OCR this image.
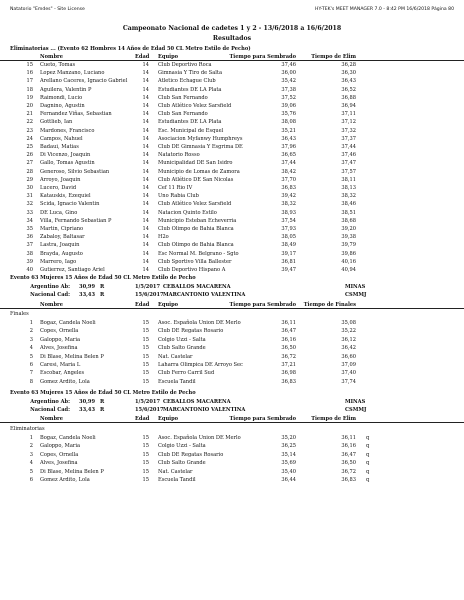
Natatorio "Emdes" - Site License	HY-TEK's MEET MANAGER 7.0 - 8:42 PM 16/6/2018 Página 80
Campeonato Nacional de cadetes 1 y 2 - 13/6/2018 a 16/6/2018
Resultados
Eliminatorias ... (Evento 62 Hombres 14 Años de Edad 50 CL Metro Estilo de Pecho)
Nombre	Edad Equipo	Tiempo para Sembrado	Tiempo de Elim
15 Cueto, Tomas	14 Club Deportivo Roca	37,46	36,28
16 Lopez Manzano, Luciano	14 Gimnasia Y Tiro de Salta	36,00	36,30
17 Arellano Caceres, Ignacio Gabriel	14 Atletico Echague Club	35,42	36,43
18 Aguilera, Valentin P	14 Estudiantes DE LA Plata	37,38	36,52
19 Raimondi, Lucio	14 Club San Fernando	37,52	36,88
20 Dagnino, Agustin	14 Club Atlético Velez Sarsfield	39,06	36,94
21 Fernandez Viñas, Sebastian	14 Club San Fernando	35,76	37,11
22 Gottlieb, Ian	14 Estudiantes DE LA Plata	38,08	37,12
23 Mardones, Francisco	14 Esc. Municipal de Esquel	35,21	37,32
24 Campos, Nahuel	14 Asociacion Myfanwy Humphreys	36,43	37,37
25 Badaui, Matias	14 Club DE Gimnasia Y Esgrima DE	37,96	37,44
26 Di Vicenzo, Joaquin	14 Natatorio Rosso	36,65	37,46
27 Gallo, Tomas Agustin	14 Municipalidad DE San Isidro	37,44	37,47
28 Generoso, Silvio Sebastian	14 Municipio de Lomas de Zamora	38,42	37,57
29 Arroyo, Joaquin	14 Club Atlético DE San Nicolas	37,70	38,11
30 Lucero, David	14 Cef 11 Rio IV	36,83	38,13
31 Katauskis, Ezequiel	14 Uno Rabia Club	39,42	38,32
32 Scida, Ignacio Valentin	14 Club Atlético Velez Sarsfield	38,32	38,46
33 DE Luca, Gino	14 Natacion Quinto Estilo	38,93	38,51
34 Villa, Fernando Sebastian P	14 Municipio Esteban Echeverria	37,54	38,68
35 Martin, Cipriano	14 Club Olimpo de Bahia Blanca	37,93	39,20
36 Zabaloy, Baltasar	14 H2o	38,05	39,38
37 Lastra, Joaquin	14 Club Olimpo de Bahia Blanca	38,49	39,79
38 Brayda, Augusto	14 Esc Normal M. Belgrano - Sgto	39,17	39,86
39 Marrero, Iago	14 Club Sportivo Villa Ballester	36,81	40,16
40 Gutierrez, Santiago Ariel	14 Club Deportivo Hispano A	39,47	40,94
Evento 63 Mujeres 15 Años de Edad 50 CL Metro Estilo de Pecho
Argentino Ab:	30,99 R	1/5/2017 CEBALLOS MACARENA	MINAS
Nacional Cad:	33,43 R	15/6/2017 MARCANTONIO VALENTINA	CSMMJ
Nombre	Edad Equipo	Tiempo para Sembrado	Tiempo de Finales
Finales
1 Bogaz, Candela Noeli	15 Asoc. Española Union DE Merlo	36,11	35,08
2 Copes, Ornella	15 Club DE Regatas Rosario	36,47	35,22
3 Galoppo, Maria	15 Colgio Uzzi - Salta	36,16	36,12
4 Alves, Josefina	15 Club Salto Grande	36,50	36,42
5 Di Blase, Melina Belen P	15 Nat. Castelar	36,72	36,60
6 Caresi, Maria L	15 Laharra Olimpica DE Arroyo Sec	37,21	37,09
7 Escobar, Angeles	15 Club Ferro Carril Sud	36,98	37,40
8 Gomez Ardito, Lola	15 Escuela Tandil	36,83	37,74
Evento 63 Mujeres 15 Años de Edad 50 CL Metro Estilo de Pecho
Argentino Ab:	30,99 R	1/5/2017 CEBALLOS MACARENA	MINAS
Nacional Cad:	33,43 R	15/6/2017 MARCANTONIO VALENTINA	CSMMJ
Nombre	Edad Equipo	Tiempo para Sembrado	Tiempo de Elim
Eliminatorias
1 Bogaz, Candela Noeli	15 Asoc. Española Union DE Merlo	35,20	36,11 q
2 Galoppo, Maria	15 Colgio Uzzi - Salta	36,25	36,16 q
3 Copes, Ornella	15 Club DE Regatas Rosario	35,14	36,47 q
4 Alves, Josefina	15 Club Salto Grande	35,69	36,50 q
5 Di Blase, Melina Belen P	15 Nat. Castelar	35,40	36,72 q
6 Gomez Ardito, Lola	15 Escuela Tandil	36,44	36,83 q
